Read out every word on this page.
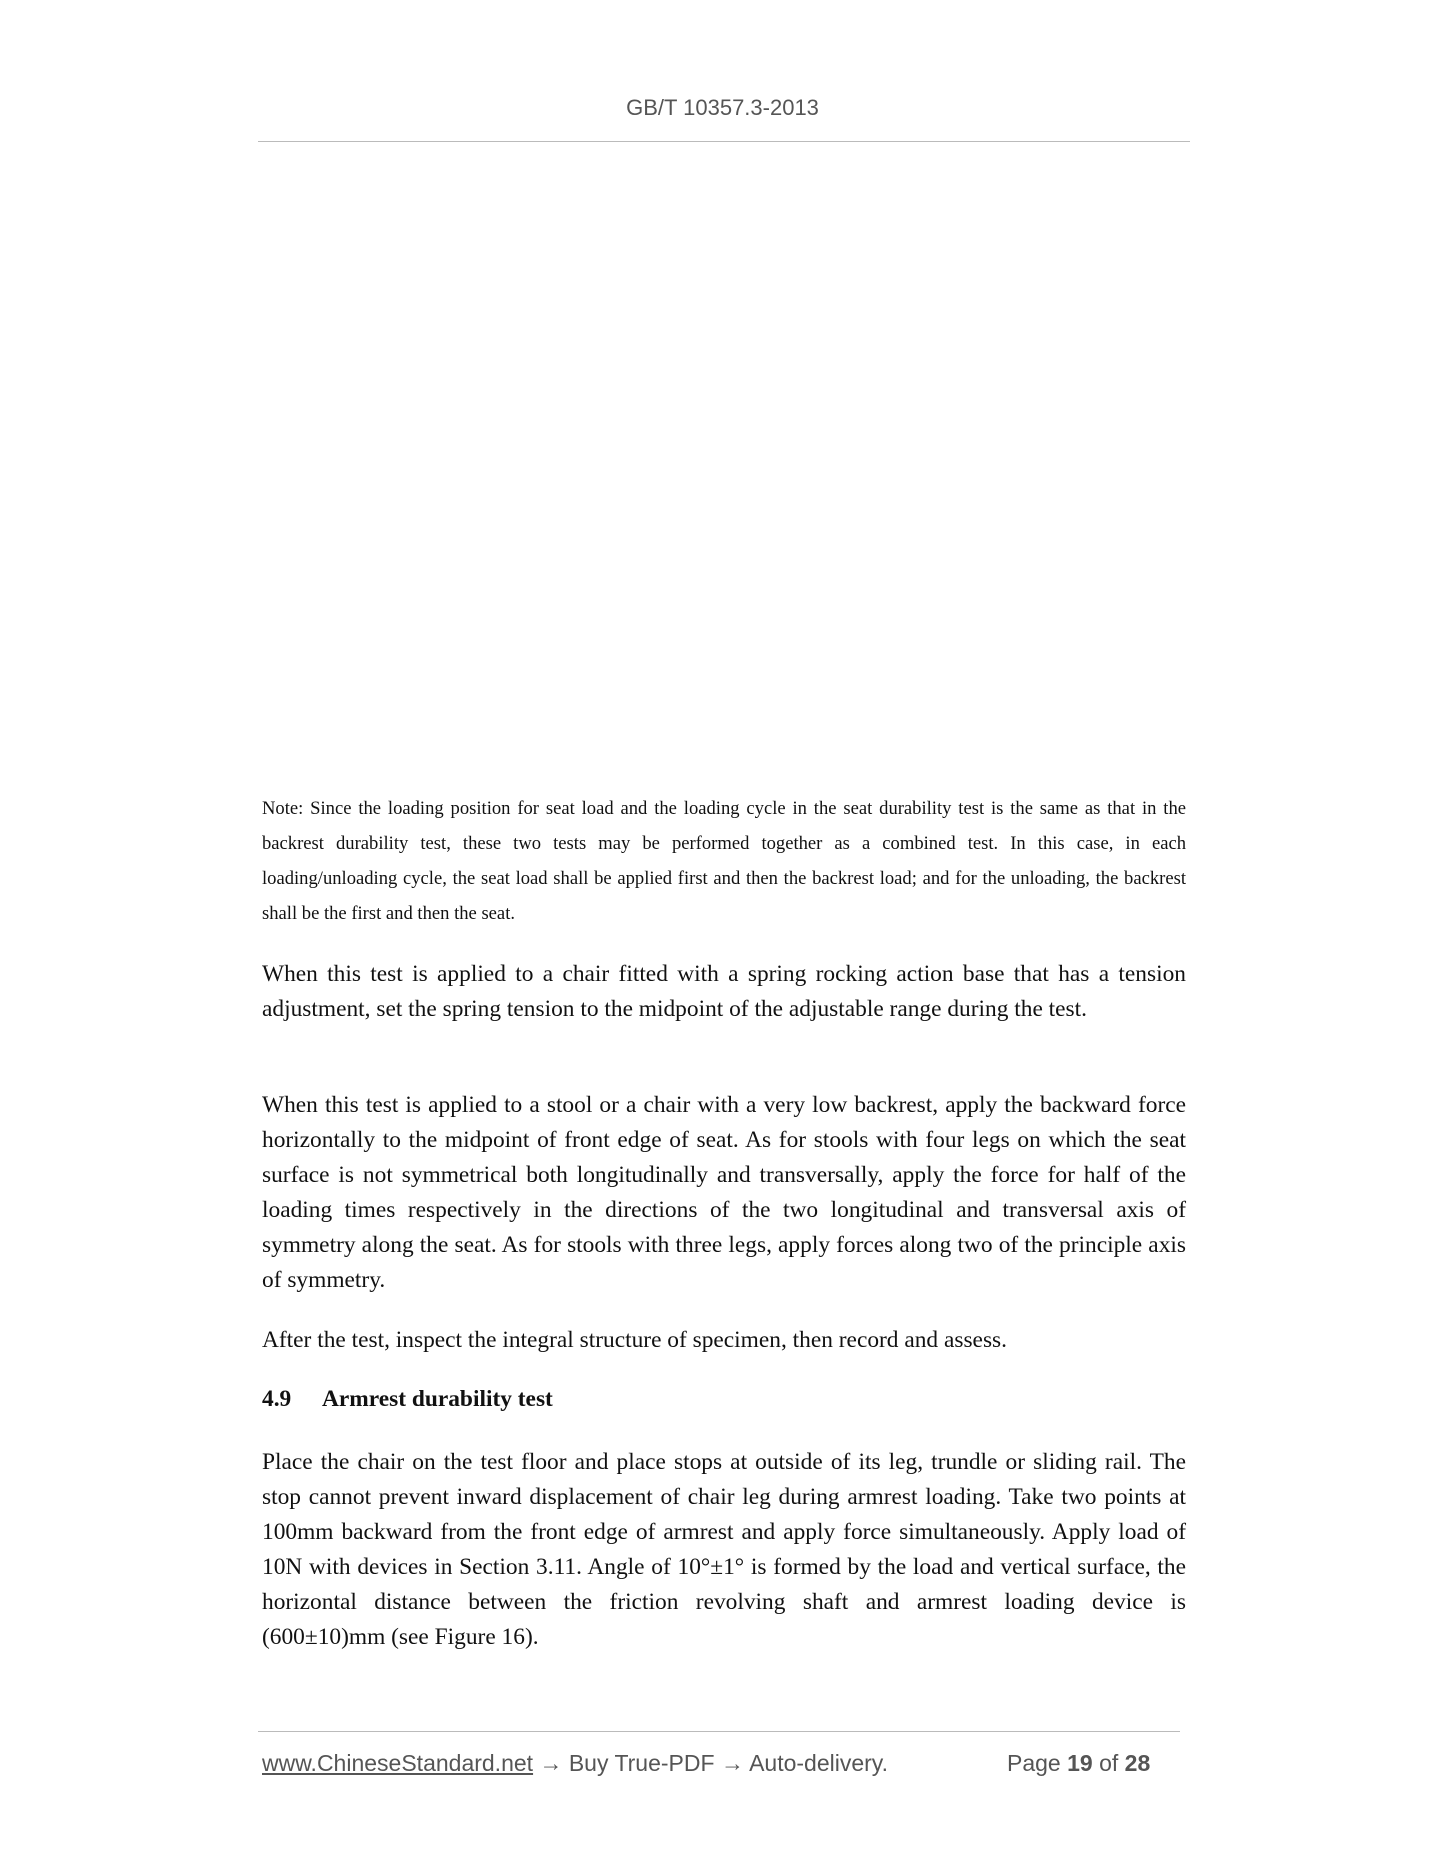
GB/T 10357.3-2013
Note: Since the loading position for seat load and the loading cycle in the seat durability test is the same as that in the backrest durability test, these two tests may be performed together as a combined test. In this case, in each loading/unloading cycle, the seat load shall be applied first and then the backrest load; and for the unloading, the backrest shall be the first and then the seat.
When this test is applied to a chair fitted with a spring rocking action base that has a tension adjustment, set the spring tension to the midpoint of the adjustable range during the test.
When this test is applied to a stool or a chair with a very low backrest, apply the backward force horizontally to the midpoint of front edge of seat. As for stools with four legs on which the seat surface is not symmetrical both longitudinally and transversally, apply the force for half of the loading times respectively in the directions of the two longitudinal and transversal axis of symmetry along the seat. As for stools with three legs, apply forces along two of the principle axis of symmetry.
After the test, inspect the integral structure of specimen, then record and assess.
4.9 Armrest durability test
Place the chair on the test floor and place stops at outside of its leg, trundle or sliding rail. The stop cannot prevent inward displacement of chair leg during armrest loading. Take two points at 100mm backward from the front edge of armrest and apply force simultaneously. Apply load of 10N with devices in Section 3.11. Angle of 10°±1° is formed by the load and vertical surface, the horizontal distance between the friction revolving shaft and armrest loading device is (600±10)mm (see Figure 16).
www.ChineseStandard.net → Buy True-PDF → Auto-delivery.	Page 19 of 28
